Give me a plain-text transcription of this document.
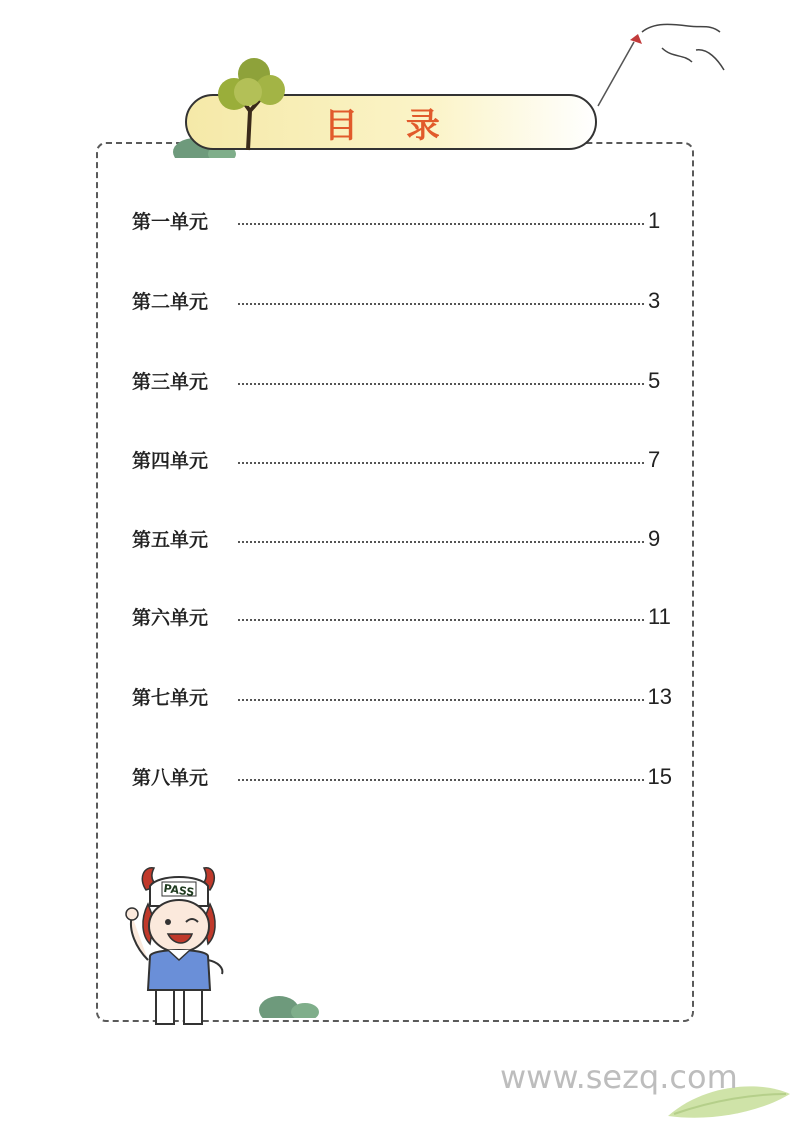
目 录
第一单元	1
第二单元	3
第三单元	5
第四单元	7
第五单元	9
第六单元	11
第七单元	13
第八单元	15
PASS
www.sezq.com
